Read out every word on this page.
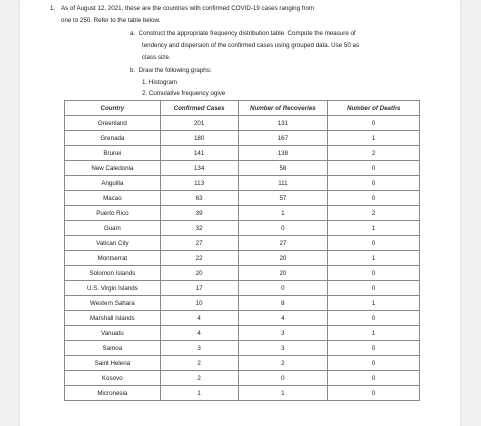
1. As of August 12, 2021, these are the countries with confirmed COVID-19 cases ranging from
one to 250. Refer to the table below.
a. Construct the appropriate frequency distribution table. Compute the measure of
tendency and dispersion of the confirmed cases using grouped data. Use 50 as
class size.
b. Draw the following graphs:
1. Histogram
2. Cumulative frequency ogive
Country	Confirmed Cases	Number of Recoveries	Number of Deaths
Greenland	201	131	0
Grenada	180	167	1
Brunei	141	138	2
New Caledonia	134	58	0
Anguilla	113	111	0
Macao	63	57	0
Puerto Rico	39	1	2
Guam	32	0	1
Vatican City	27	27	0
Montserrat	22	20	1
Solomon Islands	20	20	0
U.S. Virgin Islands	17	0	0
Western Sahara	10	8	1
Marshall Islands	4	4	0
Vanuatu	4	3	1
Samoa	3	3	0
Saint Helena	2	2	0
Kosovo	2	0	0
Micronesia	1	1	0
